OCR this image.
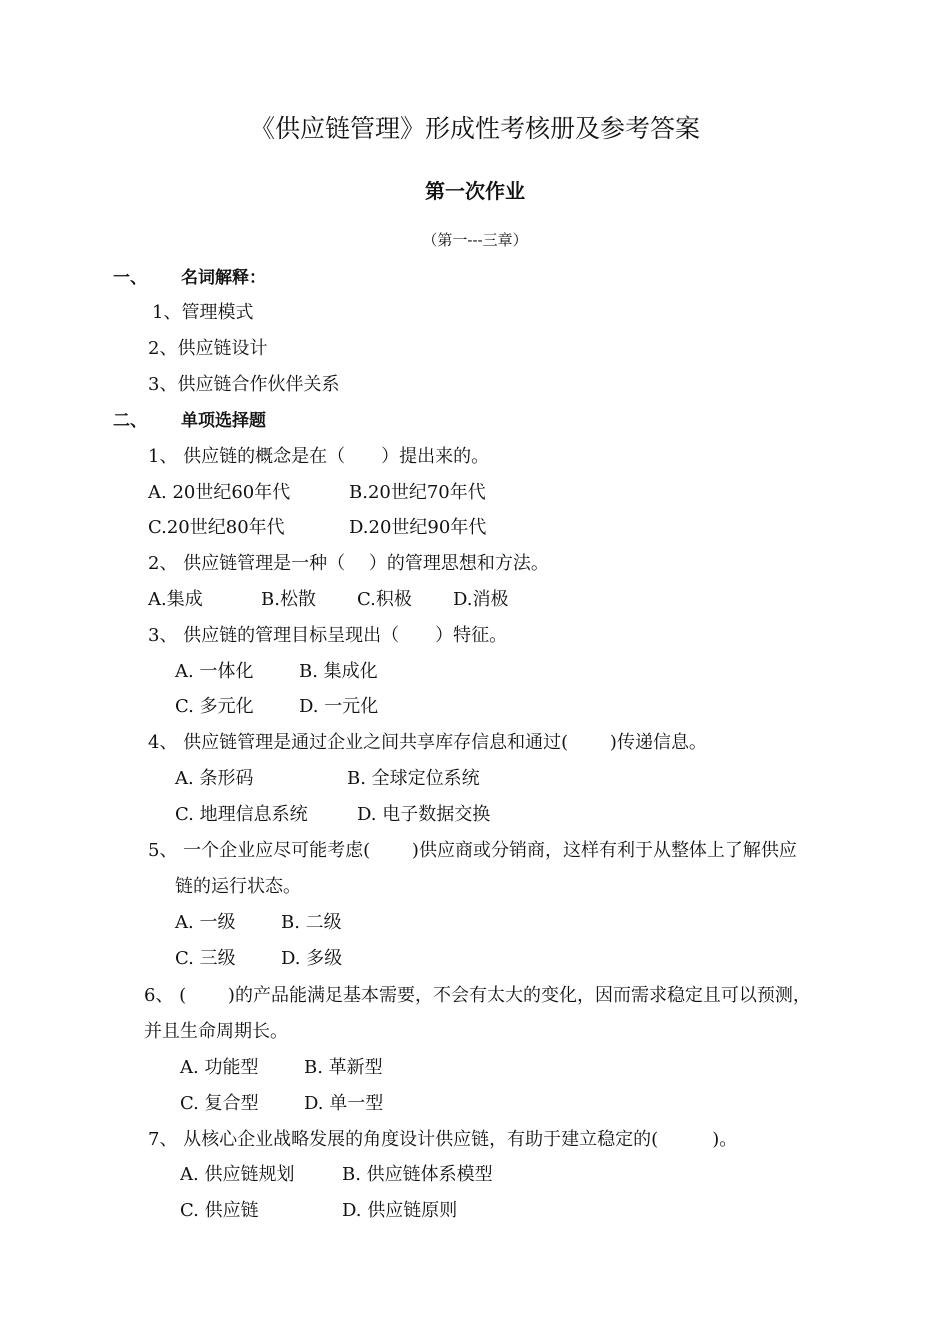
《供应链管理》形成性考核册及参考答案
第一次作业
（第一---三章）
一、 名词解释：
1、管理模式
2、供应链设计
3、供应链合作伙伴关系
二、 单项选择题
1、 供应链的概念是在（　　）提出来的。
A. 20世纪60年代	B.20世纪70年代
C.20世纪80年代	D.20世纪90年代
2、 供应链管理是一种（　 ）的管理思想和方法。
A.集成	B.松散 C.积极 D.消极
3、 供应链的管理目标呈现出（　　）特征。
A. 一体化	B. 集成化
C. 多元化	D. 一元化
4、 供应链管理是通过企业之间共享库存信息和通过(　　 )传递信息。
A. 条形码	B. 全球定位系统
C. 地理信息系统	D. 电子数据交换
5、 一个企业应尽可能考虑(　　 )供应商或分销商，这样有利于从整体上了解供应
链的运行状态。
A. 一级	B. 二级
C. 三级	D. 多级
6、 (　　 )的产品能满足基本需要，不会有太大的变化，因而需求稳定且可以预测，
并且生命周期长。
A. 功能型	B. 革新型
C. 复合型	D. 单一型
7、 从核心企业战略发展的角度设计供应链，有助于建立稳定的(　　　)。
A. 供应链规划	B. 供应链体系模型
C. 供应链	D. 供应链原则
